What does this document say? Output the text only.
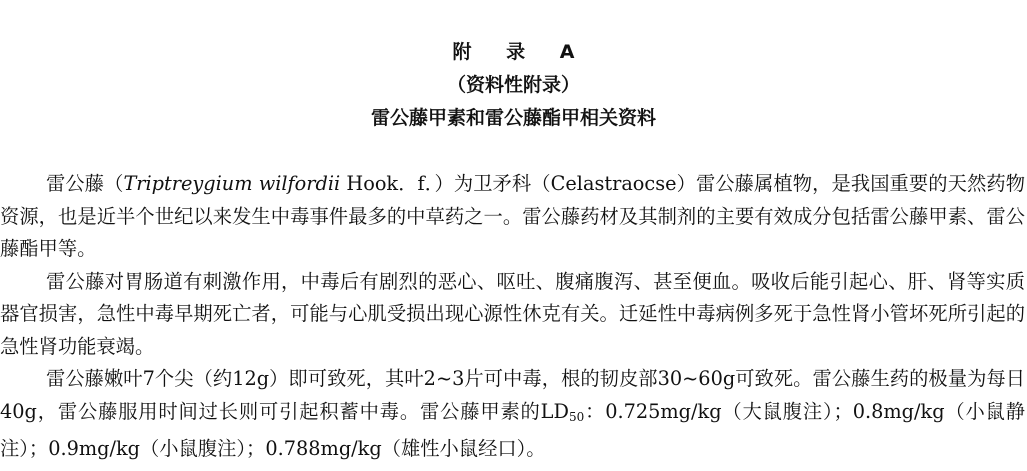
附 录 A
（资料性附录）
雷公藤甲素和雷公藤酯甲相关资料

雷公藤（Triptreygium wilfordii Hook．f．）为卫矛科（Celastraocse）雷公藤属植物，是我国重要的天然药物资源，也是近半个世纪以来发生中毒事件最多的中草药之一。雷公藤药材及其制剂的主要有效成分包括雷公藤甲素、雷公藤酯甲等。

雷公藤对胃肠道有刺激作用，中毒后有剧烈的恶心、呕吐、腹痛腹泻、甚至便血。吸收后能引起心、肝、肾等实质器官损害，急性中毒早期死亡者，可能与心肌受损出现心源性休克有关。迁延性中毒病例多死于急性肾小管坏死所引起的急性肾功能衰竭。

雷公藤嫩叶7个尖（约12g）即可致死，其叶2~3片可中毒，根的韧皮部30~60g可致死。雷公藤生药的极量为每日40g，雷公藤服用时间过长则可引起积蓄中毒。雷公藤甲素的$LD_{50}$：0.725mg/kg（大鼠腹注）；0.8mg/kg（小鼠静注）；0.9mg/kg（小鼠腹注）；0.788mg/kg（雄性小鼠经口）。
